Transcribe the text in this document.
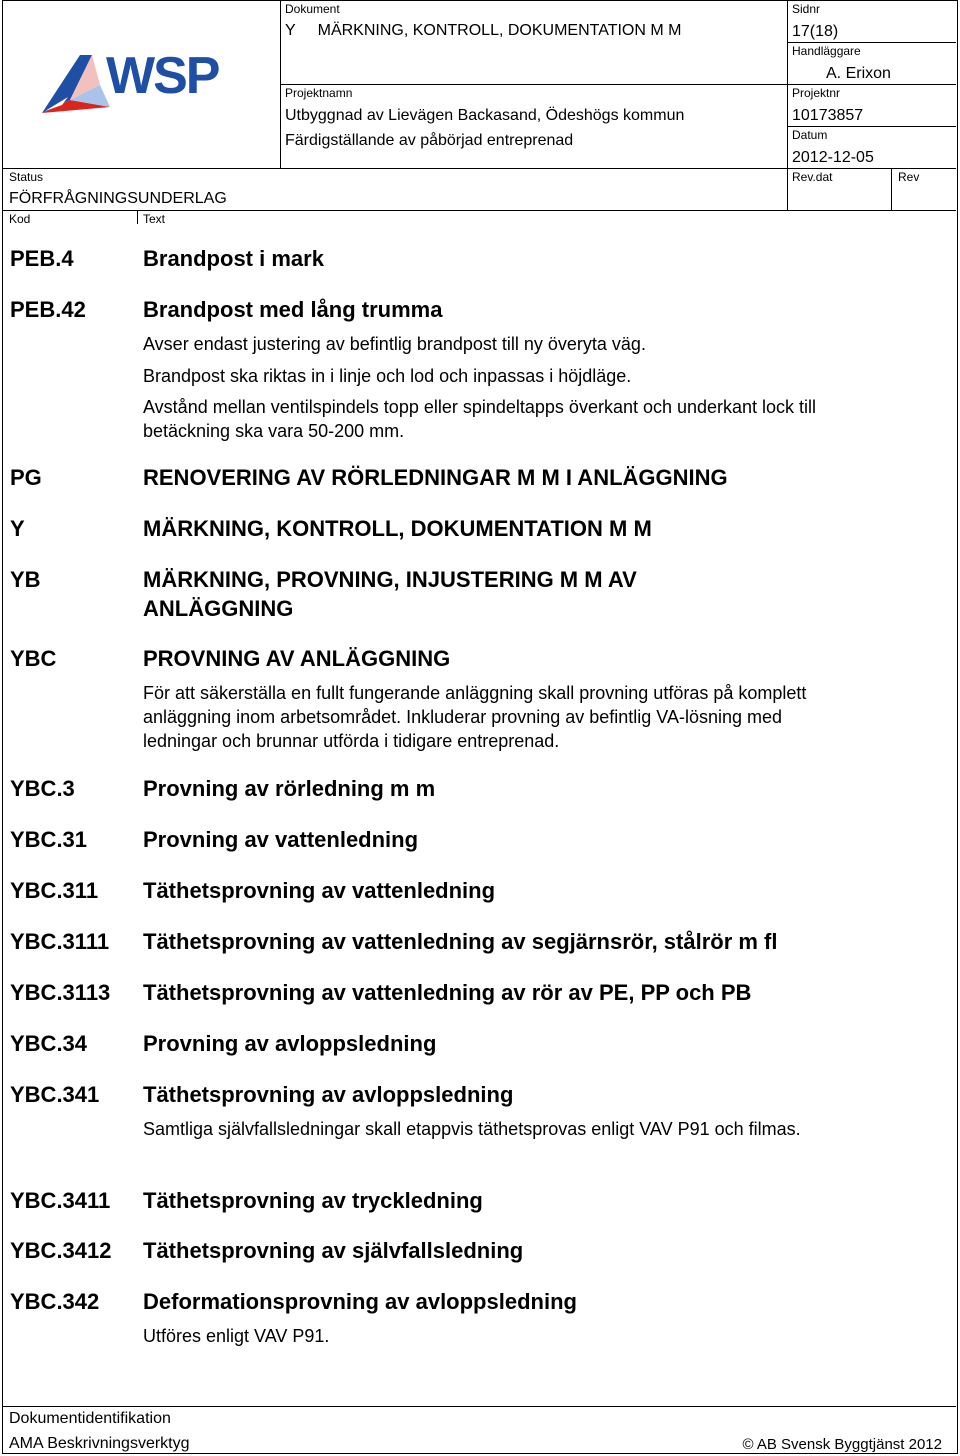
WSP
Dokument
Y     MÄRKNING, KONTROLL, DOKUMENTATION M M
Sidnr
17(18)
Handläggare
A. Erixon
Projektnamn
Utbyggnad av Lievägen Backasand, Ödeshögs kommun
Färdigställande av påbörjad entreprenad
Projektnr
10173857
Datum
2012-12-05
Status
FÖRFRÅGNINGSUNDERLAG
Rev.dat	Rev
Kod	Text
PEB.4	Brandpost i mark
PEB.42	Brandpost med lång trumma
Avser endast justering av befintlig brandpost till ny överyta väg.
Brandpost ska riktas in i linje och lod och inpassas i höjdläge.
Avstånd mellan ventilspindels topp eller spindeltapps överkant och underkant lock till betäckning ska vara 50-200 mm.
PG	RENOVERING AV RÖRLEDNINGAR M M I ANLÄGGNING
Y	MÄRKNING, KONTROLL, DOKUMENTATION M M
YB	MÄRKNING, PROVNING, INJUSTERING M M AV ANLÄGGNING
YBC	PROVNING AV ANLÄGGNING
För att säkerställa en fullt fungerande anläggning skall provning utföras på komplett anläggning inom arbetsområdet. Inkluderar provning av befintlig VA-lösning med ledningar och brunnar utförda i tidigare entreprenad.
YBC.3	Provning av rörledning m m
YBC.31	Provning av vattenledning
YBC.311 Täthetsprovning av vattenledning
YBC.3111 Täthetsprovning av vattenledning av segjärnsrör, stålrör m fl
YBC.3113 Täthetsprovning av vattenledning av rör av PE, PP och PB
YBC.34	Provning av avloppsledning
YBC.341 Täthetsprovning av avloppsledning
Samtliga självfallsledningar skall etappvis täthetsprovas enligt VAV P91 och filmas.
YBC.3411 Täthetsprovning av tryckledning
YBC.3412 Täthetsprovning av självfallsledning
YBC.342 Deformationsprovning av avloppsledning
Utföres enligt VAV P91.
Dokumentidentifikation
AMA Beskrivningsverktyg	© AB Svensk Byggtjänst 2012
